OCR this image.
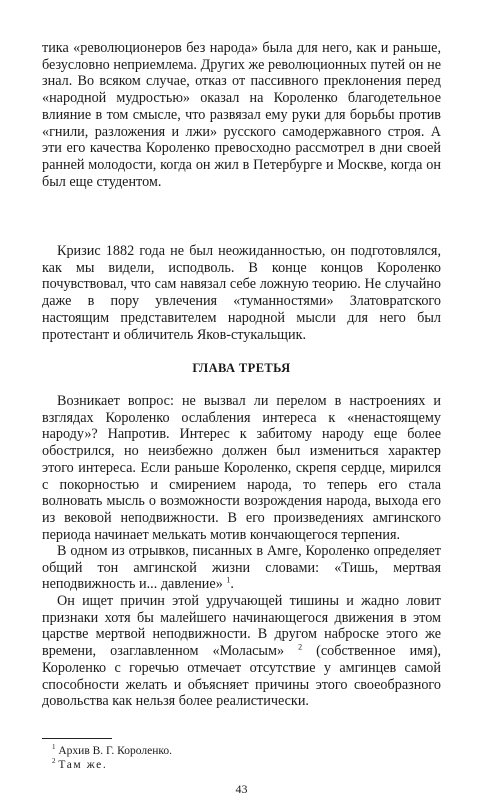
тика «революционеров без народа» была для него, как и раньше, безусловно неприемлема. Других же революционных путей он не знал. Во всяком случае, отказ от пассивного преклонения перед «народной мудростью» оказал на Короленко благодетельное влияние в том смысле, что развязал ему руки для борьбы против «гнили, разложения и лжи» русского самодержавного строя. А эти его качества Короленко превосходно рассмотрел в дни своей ранней молодости, когда он жил в Петербурге и Москве, когда он был еще студентом.

Кризис 1882 года не был неожиданностью, он подготовлялся, как мы видели, исподволь. В конце концов Короленко почувствовал, что сам навязал себе ложную теорию. Не случайно даже в пору увлечения «туманностями» Златовратского настоящим представителем народной мысли для него был протестант и обличитель Яков-стукальщик.

ГЛАВА ТРЕТЬЯ

Возникает вопрос: не вызвал ли перелом в настроениях и взглядах Короленко ослабления интереса к «ненастоящему народу»? Напротив. Интерес к забитому народу еще более обострился, но неизбежно должен был измениться характер этого интереса. Если раньше Короленко, скрепя сердце, мирился с покорностью и смирением народа, то теперь его стала волновать мысль о возможности возрождения народа, выхода его из вековой неподвижности. В его произведениях амгинского периода начинает мелькать мотив кончающегося терпения.

В одном из отрывков, писанных в Амге, Короленко определяет общий тон амгинской жизни словами: «Тишь, мертвая неподвижность и... давление» $^1$.

Он ищет причин этой удручающей тишины и жадно ловит признаки хотя бы малейшего начинающегося движения в этом царстве мертвой неподвижности. В другом наброске этого же времени, озаглавленном «Моласым» $^2$ (собственное имя), Короленко с горечью отмечает отсутствие у амгинцев самой способности желать и объясняет причины этого своеобразного довольства как нельзя более реалистически.

$^1$ Архив В. Г. Короленко.

$^2$ Там же.

43
